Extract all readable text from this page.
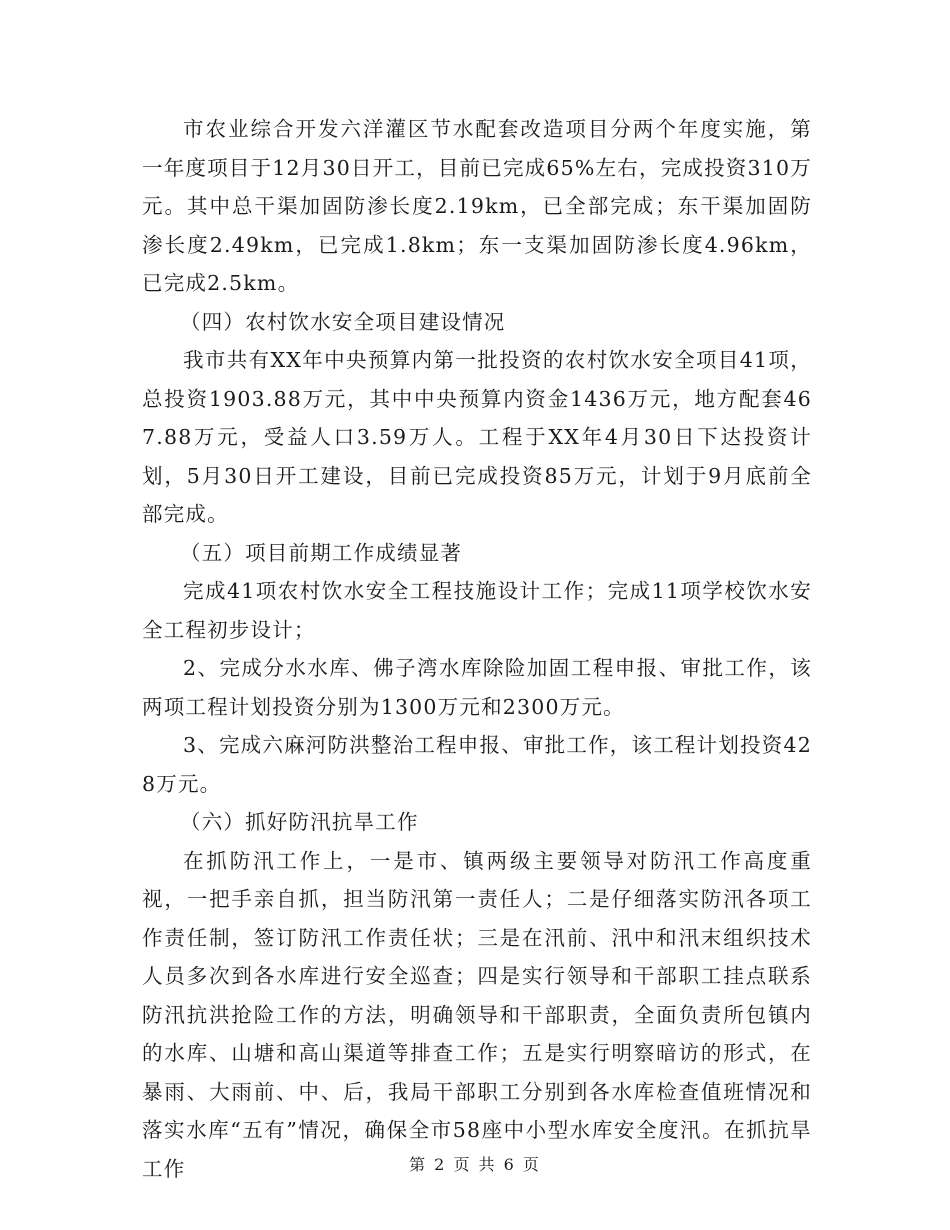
市农业综合开发六洋灌区节水配套改造项目分两个年度实施，第一年度项目于12月30日开工，目前已完成65%左右，完成投资310万元。其中总干渠加固防渗长度2.19km，已全部完成；东干渠加固防渗长度2.49km，已完成1.8km；东一支渠加固防渗长度4.96km，已完成2.5km。

（四）农村饮水安全项目建设情况

我市共有XX年中央预算内第一批投资的农村饮水安全项目41项，总投资1903.88万元，其中中央预算内资金1436万元，地方配套467.88万元，受益人口3.59万人。工程于XX年4月30日下达投资计划，5月30日开工建设，目前已完成投资85万元，计划于9月底前全部完成。

（五）项目前期工作成绩显著

完成41项农村饮水安全工程技施设计工作；完成11项学校饮水安全工程初步设计；

2、完成分水水库、佛子湾水库除险加固工程申报、审批工作，该两项工程计划投资分别为1300万元和2300万元。

3、完成六麻河防洪整治工程申报、审批工作，该工程计划投资428万元。

（六）抓好防汛抗旱工作

在抓防汛工作上，一是市、镇两级主要领导对防汛工作高度重视，一把手亲自抓，担当防汛第一责任人；二是仔细落实防汛各项工作责任制，签订防汛工作责任状；三是在汛前、汛中和汛末组织技术人员多次到各水库进行安全巡查；四是实行领导和干部职工挂点联系防汛抗洪抢险工作的方法，明确领导和干部职责，全面负责所包镇内的水库、山塘和高山渠道等排查工作；五是实行明察暗访的形式，在暴雨、大雨前、中、后，我局干部职工分别到各水库检查值班情况和落实水库“五有”情况，确保全市58座中小型水库安全度汛。在抓抗旱工作	第 2 页 共 6 页
